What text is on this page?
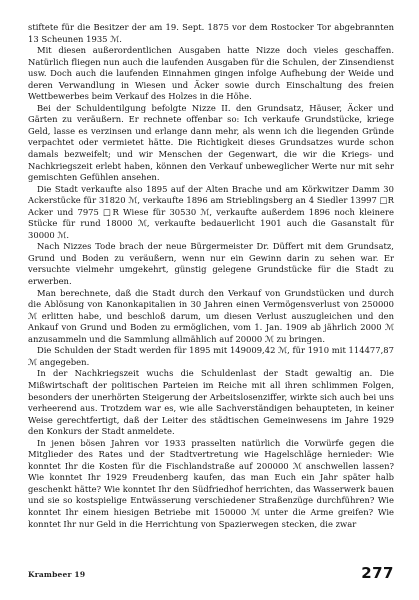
stiftete für die Besitzer der am 19. Sept. 1875 vor dem Rostocker Tor abgebrannten 13 Scheunen 1935 ℳ.

Mit diesen außerordentlichen Ausgaben hatte Nizze doch vieles geschaffen. Natürlich fliegen nun auch die laufenden Ausgaben für die Schulen, der Zinsendienst usw. Doch auch die laufenden Einnahmen gingen infolge Aufhebung der Weide und deren Verwandlung in Wiesen und Äcker sowie durch Einschaltung des freien Wettbewerbes beim Verkauf des Holzes in die Höhe.

Bei der Schuldentilgung befolgte Nizze II. den Grundsatz, Häuser, Äcker und Gärten zu veräußern. Er rechnete offenbar so: Ich verkaufe Grundstücke, kriege Geld, lasse es verzinsen und erlange dann mehr, als wenn ich die liegenden Gründe verpachtet oder vermietet hätte. Die Richtigkeit dieses Grundsatzes wurde schon damals bezweifelt; und wir Menschen der Gegenwart, die wir die Kriegs- und Nachkriegszeit erlebt haben, können den Verkauf unbeweglicher Werte nur mit sehr gemischten Gefühlen ansehen.

Die Stadt verkaufte also 1895 auf der Alten Brache und am Körkwitzer Damm 30 Ackerstücke für 31820 ℳ, verkaufte 1896 am Strieblingsberg an 4 Siedler 13997 □R Acker und 7975 □R Wiese für 30530 ℳ, verkaufte außerdem 1896 noch kleinere Stücke für rund 18000 ℳ, verkaufte bedauerlicht 1901 auch die Gasanstalt für 30000 ℳ.

Nach Nizzes Tode brach der neue Bürgermeister Dr. Düffert mit dem Grundsatz, Grund und Boden zu veräußern, wenn nur ein Gewinn darin zu sehen war. Er versuchte vielmehr umgekehrt, günstig gelegene Grundstücke für die Stadt zu erwerben.

Man berechnete, daß die Stadt durch den Verkauf von Grundstücken und durch die Ablösung von Kanonkapitalien in 30 Jahren einen Vermögensverlust von 250000 ℳ erlitten habe, und beschloß darum, um diesen Verlust auszugleichen und den Ankauf von Grund und Boden zu ermöglichen, vom 1. Jan. 1909 ab jährlich 2000 ℳ anzusammeln und die Sammlung allmählich auf 20000 ℳ zu bringen.

Die Schulden der Stadt werden für 1895 mit 149009,42 ℳ, für 1910 mit 114477,87 ℳ angegeben.

In der Nachkriegszeit wuchs die Schuldenlast der Stadt gewaltig an. Die Mißwirtschaft der politischen Parteien im Reiche mit all ihren schlimmen Folgen, besonders der unerhörten Steigerung der Arbeitslosenziffer, wirkte sich auch bei uns verheerend aus. Trotzdem war es, wie alle Sachverständigen behaupteten, in keiner Weise gerechtfertigt, daß der Leiter des städtischen Gemeinwesens im Jahre 1929 den Konkurs der Stadt anmeldete.

In jenen bösen Jahren vor 1933 prasselten natürlich die Vorwürfe gegen die Mitglieder des Rates und der Stadtvertretung wie Hagelschläge hernieder: Wie konntet Ihr die Kosten für die Fischlandstraße auf 200000 ℳ anschwellen lassen? Wie konntet Ihr 1929 Freudenberg kaufen, das man Euch ein Jahr später halb geschenkt hätte? Wie konntet Ihr den Südfriedhof herrichten, das Wasserwerk bauen und sie so kostspielige Entwässerung verschiedener Straßenzüge durchführen? Wie konntet Ihr einem hiesigen Betriebe mit 150000 ℳ unter die Arme greifen? Wie konntet Ihr nur Geld in die Herrichtung von Spazierwegen stecken, die zwar

Krambeer 19	277
